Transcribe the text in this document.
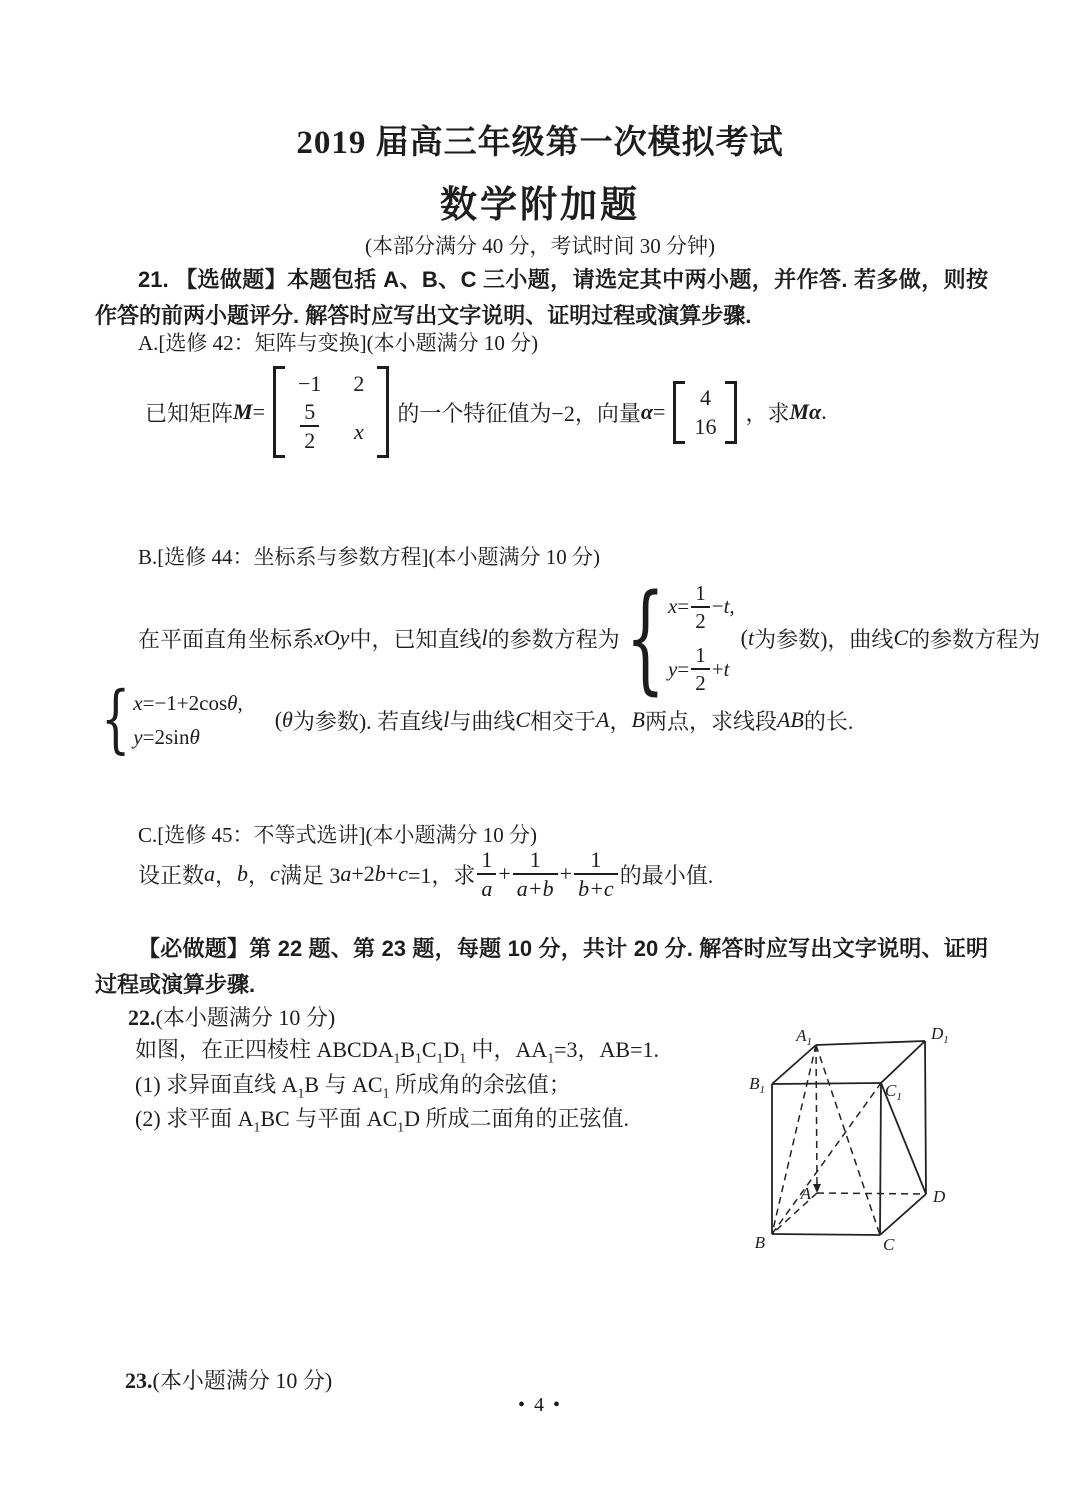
2019 届高三年级第一次模拟考试
数学附加题
(本部分满分 40 分，考试时间 30 分钟)
21. 【选做题】本题包括 A、B、C 三小题，请选定其中两小题，并作答. 若多做，则按作答的前两小题评分. 解答时应写出文字说明、证明过程或演算步骤.
A.[选修 42：矩阵与变换](本小题满分 10 分)
已知矩阵 M =
−1 2
$\frac{5}{2}$ x
的一个特征值为−2，向量 α =
4
16
，求 Mα .
B.[选修 44：坐标系与参数方程](本小题满分 10 分)
在平面直角坐标系 xOy 中，已知直线 l 的参数方程为 { $x = \frac{1}{2} - t$ ,
$y = \frac{1}{2} + t$
( t 为参数)，曲线 C 的参数方程为
{ x =−1+2cos θ ,
y =2sin θ
( θ 为参数). 若直线 l 与曲线 C 相交于 A ， B 两点，求线段 AB 的长.
C.[选修 45：不等式选讲](本小题满分 10 分)
设正数 a ， b ， c 满足 3 a +2 b + c =1，求 $\frac{1}{a} + \frac{1}{a+b} + \frac{1}{b+c}$ 的最小值.
【必做题】第 22 题、第 23 题，每题 10 分，共计 20 分. 解答时应写出文字说明、证明过程或演算步骤.
22.(本小题满分 10 分)
如图，在正四棱柱 $ABCDA_1B_1C_1D_1$ 中，$AA_1=3$，AB=1.
(1) 求异面直线 $A_1B$ 与 $AC_1$ 所成角的余弦值；
(2) 求平面 $A_1BC$ 与平面 $AC_1D$ 所成二面角的正弦值.
$A_1$	$D_1$
$B_1$	$C_1$
A	D
B	C
23.(本小题满分 10 分)
• 4 •
